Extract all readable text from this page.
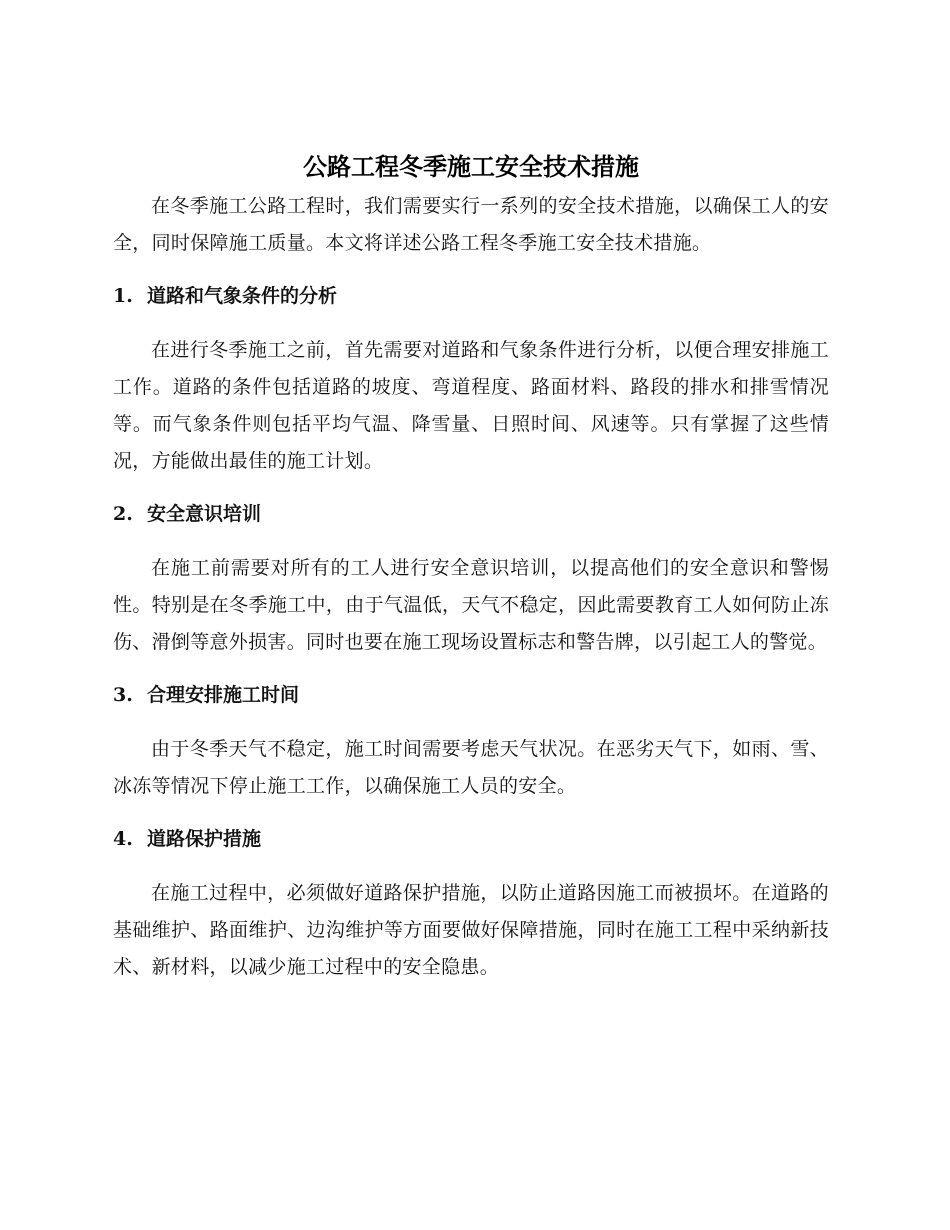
公路工程冬季施工安全技术措施

在冬季施工公路工程时，我们需要实行一系列的安全技术措施，以确保工人的安全，同时保障施工质量。本文将详述公路工程冬季施工安全技术措施。

1. 道路和气象条件的分析

在进行冬季施工之前，首先需要对道路和气象条件进行分析，以便合理安排施工工作。道路的条件包括道路的坡度、弯道程度、路面材料、路段的排水和排雪情况等。而气象条件则包括平均气温、降雪量、日照时间、风速等。只有掌握了这些情况，方能做出最佳的施工计划。

2. 安全意识培训

在施工前需要对所有的工人进行安全意识培训，以提高他们的安全意识和警惕性。特别是在冬季施工中，由于气温低，天气不稳定，因此需要教育工人如何防止冻伤、滑倒等意外损害。同时也要在施工现场设置标志和警告牌，以引起工人的警觉。

3. 合理安排施工时间

由于冬季天气不稳定，施工时间需要考虑天气状况。在恶劣天气下，如雨、雪、冰冻等情况下停止施工工作，以确保施工人员的安全。

4. 道路保护措施

在施工过程中，必须做好道路保护措施，以防止道路因施工而被损坏。在道路的基础维护、路面维护、边沟维护等方面要做好保障措施，同时在施工工程中采纳新技术、新材料，以减少施工过程中的安全隐患。
